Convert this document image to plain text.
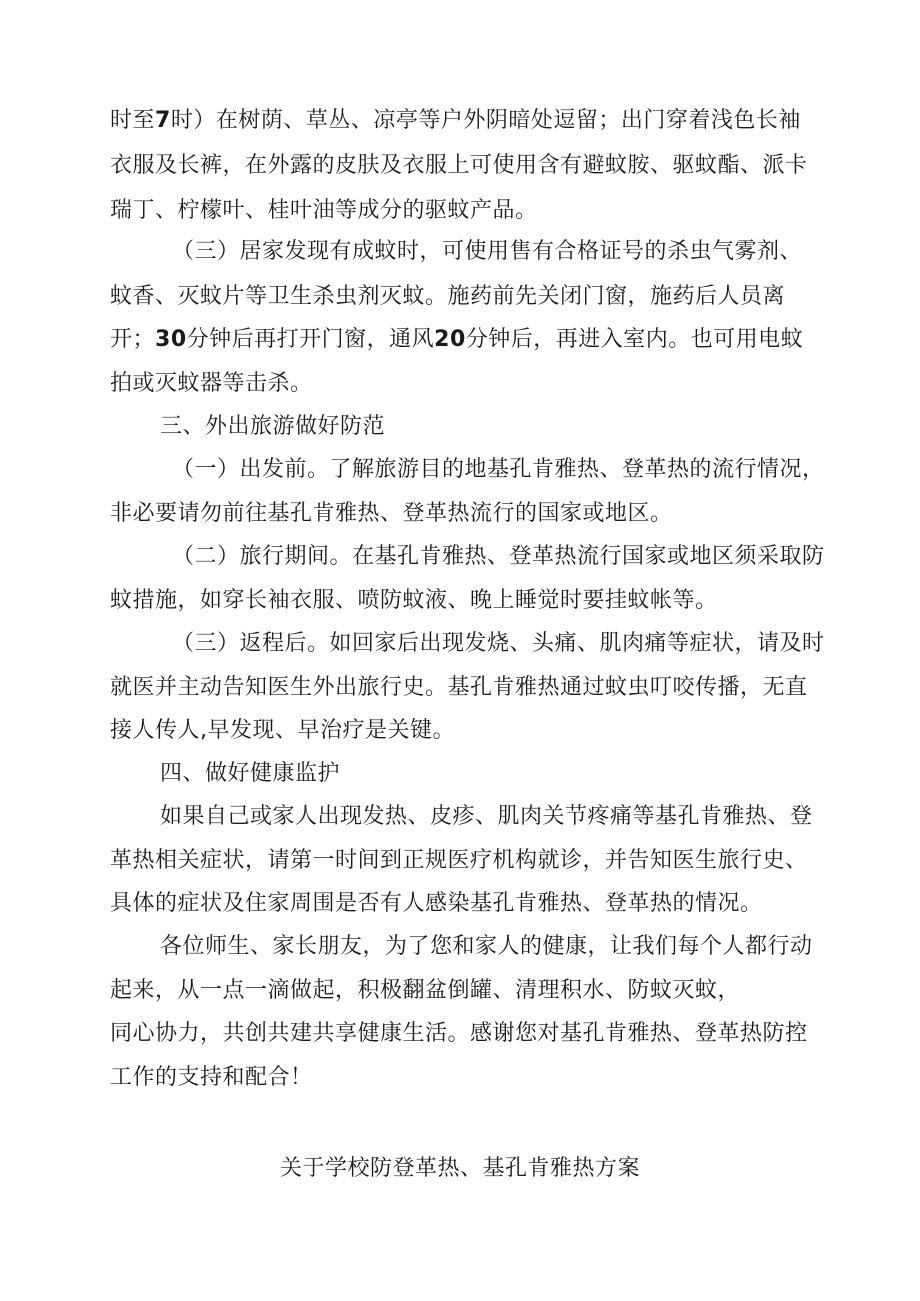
时至7时）在树荫、草丛、凉亭等户外阴暗处逗留；出门穿着浅色长袖
衣服及长裤，在外露的皮肤及衣服上可使用含有避蚊胺、驱蚊酯、派卡
瑞丁、柠檬叶、桂叶油等成分的驱蚊产品。
（三）居家发现有成蚊时，可使用售有合格证号的杀虫气雾剂、
蚊香、灭蚊片等卫生杀虫剂灭蚊。施药前先关闭门窗，施药后人员离
开；30分钟后再打开门窗，通风20分钟后，再进入室内。也可用电蚊
拍或灭蚊器等击杀。
三、外出旅游做好防范
（一）出发前。了解旅游目的地基孔肯雅热、登革热的流行情况，
非必要请勿前往基孔肯雅热、登革热流行的国家或地区。
（二）旅行期间。在基孔肯雅热、登革热流行国家或地区须采取防
蚊措施，如穿长袖衣服、喷防蚊液、晚上睡觉时要挂蚊帐等。
（三）返程后。如回家后出现发烧、头痛、肌肉痛等症状，请及时
就医并主动告知医生外出旅行史。基孔肯雅热通过蚊虫叮咬传播，无直
接人传人,早发现、早治疗是关键。
四、做好健康监护
如果自己或家人出现发热、皮疹、肌肉关节疼痛等基孔肯雅热、登
革热相关症状，请第一时间到正规医疗机构就诊，并告知医生旅行史、
具体的症状及住家周围是否有人感染基孔肯雅热、登革热的情况。
各位师生、家长朋友，为了您和家人的健康，让我们每个人都行动
起来，从一点一滴做起，积极翻盆倒罐、清理积水、防蚊灭蚊，
同心协力，共创共建共享健康生活。感谢您对基孔肯雅热、登革热防控
工作的支持和配合！
关于学校防登革热、基孔肯雅热方案
